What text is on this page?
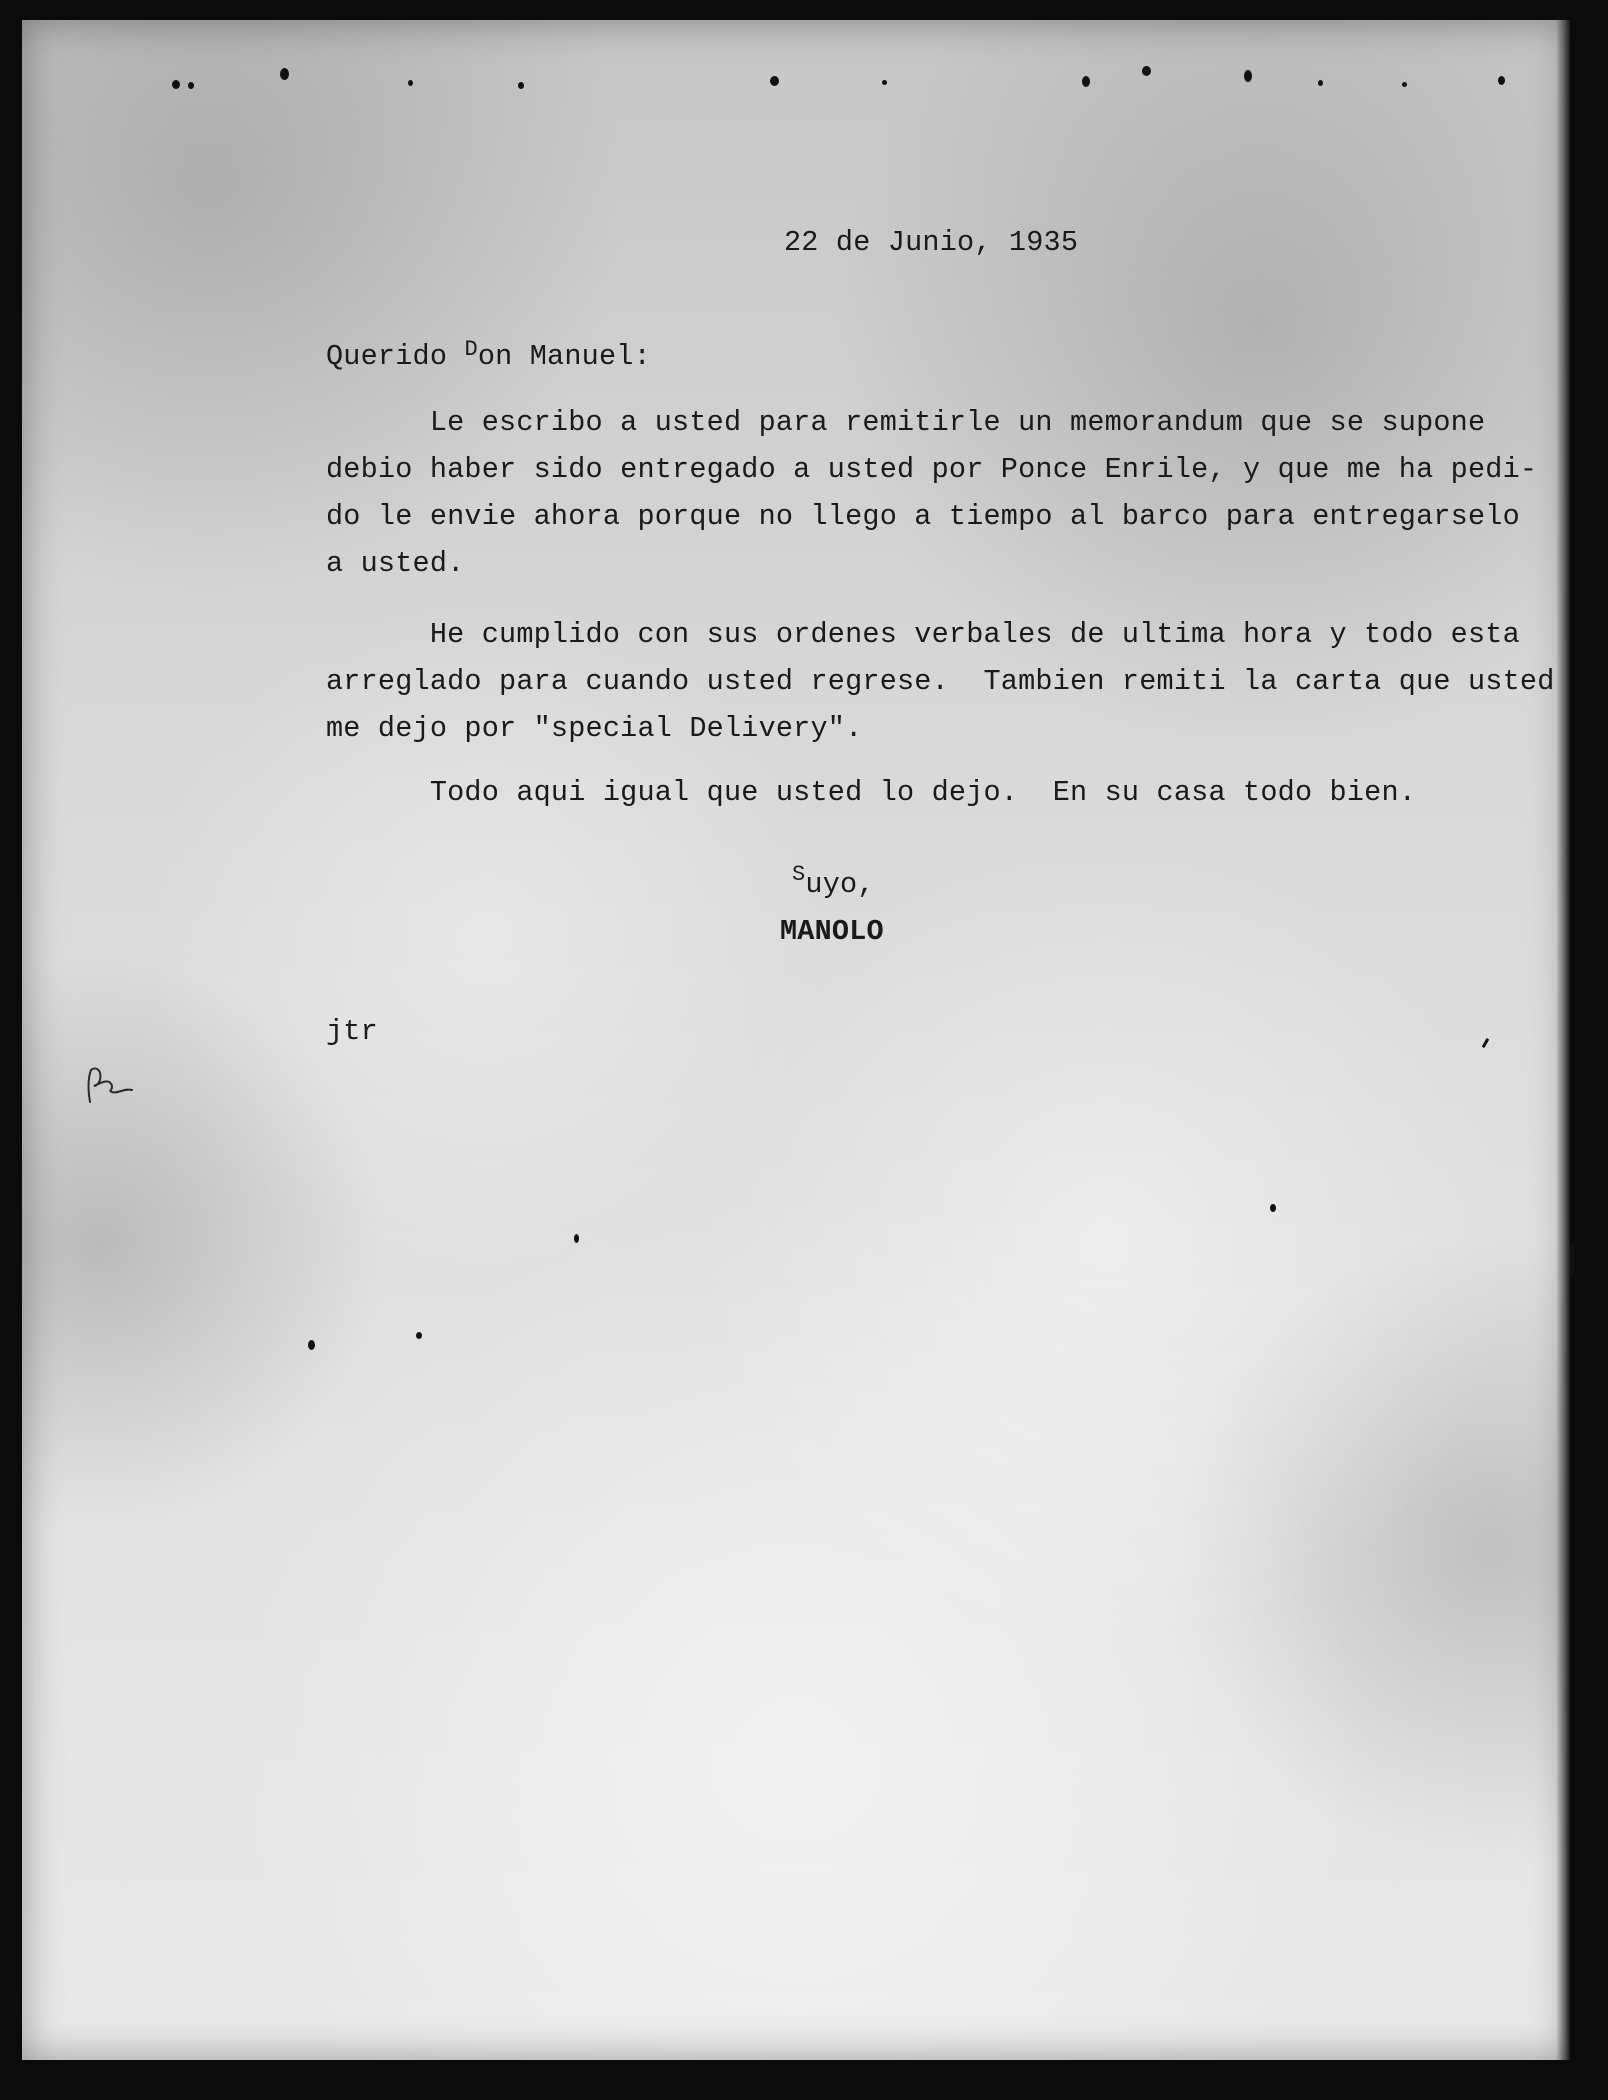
22 de Junio, 1935

Querido $^D$on Manuel:

Le escribo a usted para remitirle un memorandum que se supone

debio haber sido entregado a usted por Ponce Enrile, y que me ha pedi-

do le envie ahora porque no llego a tiempo al barco para entregarselo

a usted.

He cumplido con sus ordenes verbales de ultima hora y todo esta

arreglado para cuando usted regrese.  Tambien remiti la carta que usted

me dejo por "special Delivery".

Todo aqui igual que usted lo dejo.  En su casa todo bien.

$^S$uyo,

MANOLO

jtr
